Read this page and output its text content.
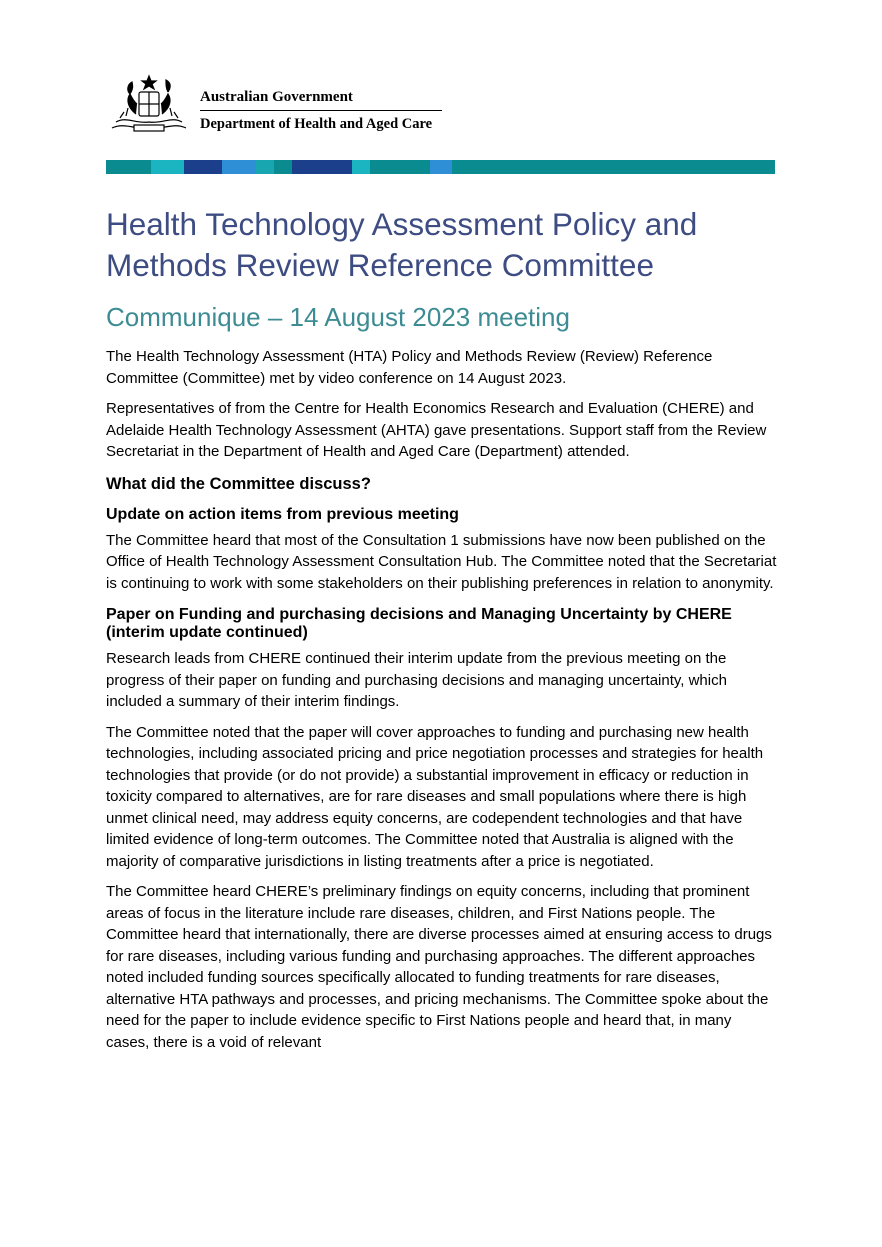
Australian Government
Department of Health and Aged Care
Health Technology Assessment Policy and Methods Review Reference Committee
Communique – 14 August 2023 meeting

The Health Technology Assessment (HTA) Policy and Methods Review (Review) Reference Committee (Committee) met by video conference on 14 August 2023.

Representatives of from the Centre for Health Economics Research and Evaluation (CHERE) and Adelaide Health Technology Assessment (AHTA) gave presentations. Support staff from the Review Secretariat in the Department of Health and Aged Care (Department) attended.

What did the Committee discuss?
Update on action items from previous meeting

The Committee heard that most of the Consultation 1 submissions have now been published on the Office of Health Technology Assessment Consultation Hub. The Committee noted that the Secretariat is continuing to work with some stakeholders on their publishing preferences in relation to anonymity.

Paper on Funding and purchasing decisions and Managing Uncertainty by CHERE (interim update continued)

Research leads from CHERE continued their interim update from the previous meeting on the progress of their paper on funding and purchasing decisions and managing uncertainty, which included a summary of their interim findings.

The Committee noted that the paper will cover approaches to funding and purchasing new health technologies, including associated pricing and price negotiation processes and strategies for health technologies that provide (or do not provide) a substantial improvement in efficacy or reduction in toxicity compared to alternatives, are for rare diseases and small populations where there is high unmet clinical need, may address equity concerns, are codependent technologies and that have limited evidence of long-term outcomes. The Committee noted that Australia is aligned with the majority of comparative jurisdictions in listing treatments after a price is negotiated.

The Committee heard CHERE’s preliminary findings on equity concerns, including that prominent areas of focus in the literature include rare diseases, children, and First Nations people. The Committee heard that internationally, there are diverse processes aimed at ensuring access to drugs for rare diseases, including various funding and purchasing approaches. The different approaches noted included funding sources specifically allocated to funding treatments for rare diseases, alternative HTA pathways and processes, and pricing mechanisms. The Committee spoke about the need for the paper to include evidence specific to First Nations people and heard that, in many cases, there is a void of relevant
